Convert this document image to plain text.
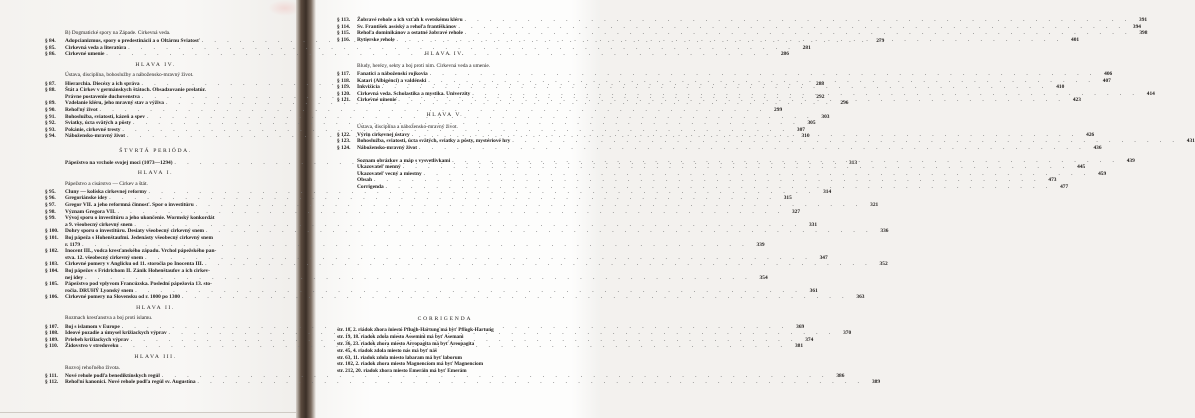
B) Dogmatické spory na Západe. Cirkevná veda.
§ 84.	Adopcianizmus, spory o predestinácii a o Oltárnu Sviatosť . . .	279
§ 85.	Cirkevná veda a literatúra . . .	281
§ 86.	Cirkevné umenie . . .	286
HLAVA IV.
Ústava, disciplína, bohoslužby a nábožensko-mravný život.
§ 87.	Hierarchia. Diecézy a ich správa . . .	288
§ 88.	Štát a Cirkev v germánskych štátoch. Obsadzovanie prelatúr.
Právne postavenie duchovenstva . . .	292
§ 89.	Vzdelanie kléru, jeho mravný stav a výživa . . .	296
§ 90.	Rehoľný život . . .	299
§ 91.	Bohoslužba, sviatosti, kázeň a spev . . .	303
§ 92.	Sviatky, úcta svätých a pôsty . . .	305
§ 93.	Pokánie, cirkevné tresty . . .	307
§ 94.	Nábožensko-mravný život . . .	310
ŠTVRTÁ PERIÓDA.
Pápežstvo na vrchole svojej moci (1073—1294) . . .	313
HLAVA I.
Pápežstvo a cisárstvo — Cirkev a štát.
§ 95.	Cluny — kolíska cirkevnej reformy . . .	314
§ 96.	Gregoriánske idey . . .	315
§ 97.	Gregor VII. a jeho reformná činnosť. Spor o investitúru . . .	321
§ 98.	Význam Gregora VII. . . .	327
§ 99.	Vývoj sporu o investitúru a jeho ukončenie. Wormský konkordát
a 9. všeobecný cirkevný snem . . .	331
§ 100.	Dohry sporu o investitúru. Desiaty všeobecný cirkevný snem . . .	336
§ 101.	Boj pápeža s Hohenštaufmi. Jedenásty všeobecný cirkevný snem
r. 1179 . . .	339
§ 102.	Inocent III., vodca kresťanského západu. Vrchol pápežského pan-
stva. 12. všeobecný cirkevný snem . . .	347
§ 103.	Cirkevné pomery v Anglicku od 11. storočia po Inocenta III. . . .	352
§ 104.	Boj pápežov s Fridrichom II. Zánik Hohenštaufov a ich cirkev-
nej idey . . .	354
§ 105.	Pápežstvo pod vplyvom Francúzska. Poslední pápežovia 13. sto-
ročia. DRUHÝ Lyonský snem . . .	361
§ 106.	Cirkevné pomery na Slovensku od r. 1000 po 1300 . . .	363
HLAVA II.
Rozmach kresťanstva a boj proti islamu.
§ 107.	Boj s islamom v Europe . . .	369
§ 108.	Ideové pozadie a úmysel križiackych výprav . . .	370
§ 109.	Priebeh križiackych výprav . . .	374
§ 110.	Židovstvo v stredoveku . . .	381
HLAVA III.
Rozvoj rehoľného života.
§ 111.	Nové rehole podľa benediktínskych regúl . . .	386
§ 112.	Rehoľní kanonici. Nové rehole podľa regúl sv. Augustína . . .	389
§ 113.	Žobravé rehole a ich vzťah k svetskému kléru . . .	391
§ 114.	Sv. František assiský a rehoľa františkánov . . .	394
§ 115.	Rehoľa dominikánov a ostatné žobravé rehole . . .	398
§ 116.	Rytierske rehole . . .	401
HLAVA IV.
Bludy, herézy, sekty a boj proti nim. Cirkevná veda a umenie.
§ 117.	Fanatici a náboženskí rojkovia . . .	406
§ 118.	Katari (Albigénci) a valdénski . . .	407
§ 119.	Inkvizícia . . .	410
§ 120.	Cirkevná veda. Scholastika a mystika. Univerzity . . .	414
§ 121.	Cirkevné umenie . . .	423
HLAVA V.
Ústava, disciplína a nábožensko-mravný život.
§ 122.	Výrin cirkevnej ústavy . . .	426
§ 123.	Bohoslužba, sviatosti, úcta svätých, sviatky a pôsty, mystériové hry . . .	431
§ 124.	Nábožensko-mravný život . . .	436
Soznam obrázkov a máp s vysvetlivkami . . .	439
Ukazovateľ menný . . .	445
Ukazovateľ vecný a miestny . . .	459
Obsah . . .	473
Corrigenda . . .	477
CORRIGENDA
str. 18, 2. riadok zhora miesto Pflugh-Hartung má byť Pflugk-Hartung
str. 19, 18. riadok zdola miesto Assemini má byť Asemani
str. 36, 23. riadok zhora miesto Arropagita má byť Areopagita
str. 45, 4. riadok zdola miesto nás má byť náš
str. 63, 11. riadok zdola miesto labaram má byť laborum
str. 102, 2. riadok zhora miesto Magnencíom má byť Magnenciom
str. 212, 20. riadok zhora miesto Emeráin má byť Emerám
